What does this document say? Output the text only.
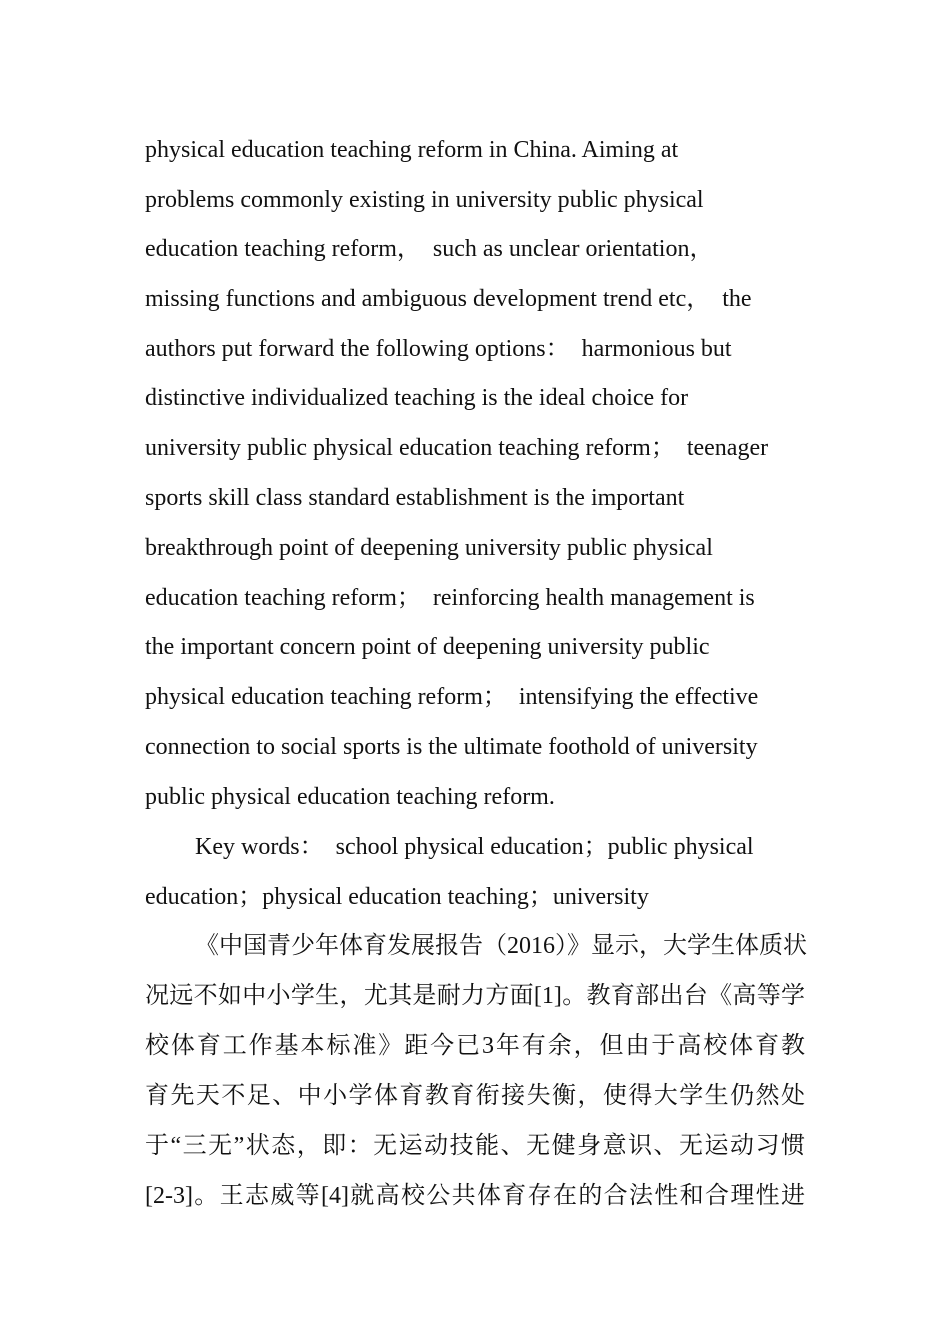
physical education teaching reform in China. Aiming at
problems commonly existing in university public physical
education teaching reform，  such as unclear orientation，
missing functions and ambiguous development trend etc，  the
authors put forward the following options：  harmonious but
distinctive individualized teaching is the ideal choice for
university public physical education teaching reform；  teenager
sports skill class standard establishment is the important
breakthrough point of deepening university public physical
education teaching reform；  reinforcing health management is
the important concern point of deepening university public
physical education teaching reform；  intensifying the effective
connection to social sports is the ultimate foothold of university
public physical education teaching reform.
Key words：  school physical education；public physical
education；physical education teaching；university
《中国青少年体育发展报告（2016）》显示，大学生体质状
况远不如中小学生，尤其是耐力方面[1]。教育部出台《高等学
校体育工作基本标准》距今已3年有余，但由于高校体育教
育先天不足、中小学体育教育衔接失衡，使得大学生仍然处
于“三无”状态，即：无运动技能、无健身意识、无运动习惯
[2-3]。王志威等[4]就高校公共体育存在的合法性和合理性进
